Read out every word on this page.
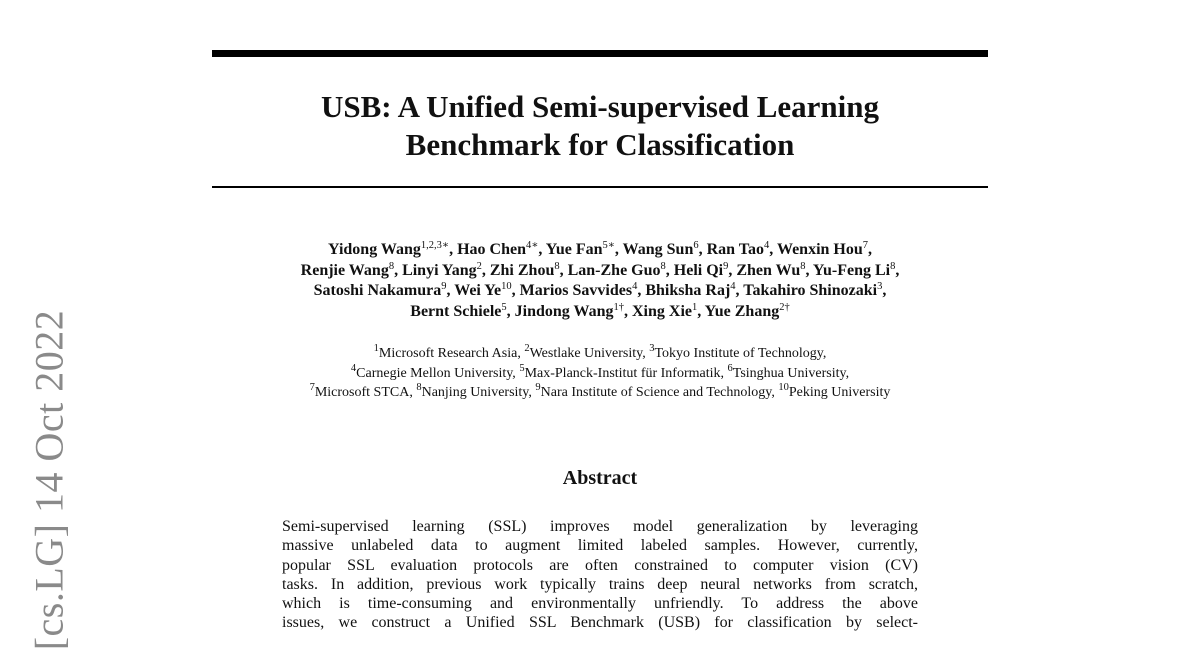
[cs.LG] 14 Oct 2022
USB: A Unified Semi-supervised Learning
Benchmark for Classification
Yidong Wang$^{1,2,3∗}$, Hao Chen$^{4∗}$, Yue Fan$^{5∗}$, Wang Sun$^6$, Ran Tao$^4$, Wenxin Hou$^7$,
Renjie Wang$^8$, Linyi Yang$^2$, Zhi Zhou$^8$, Lan-Zhe Guo$^8$, Heli Qi$^9$, Zhen Wu$^8$, Yu-Feng Li$^8$,
Satoshi Nakamura$^9$, Wei Ye$^{10}$, Marios Savvides$^4$, Bhiksha Raj$^4$, Takahiro Shinozaki$^3$,
Bernt Schiele$^5$, Jindong Wang$^{1\dagger}$, Xing Xie$^1$, Yue Zhang$^{2\dagger}$
$^1$Microsoft Research Asia, $^2$Westlake University, $^3$Tokyo Institute of Technology,
$^4$Carnegie Mellon University, $^5$Max-Planck-Institut für Informatik, $^6$Tsinghua University,
$^7$Microsoft STCA, $^8$Nanjing University, $^9$Nara Institute of Science and Technology, $^{10}$Peking University
Abstract
Semi-supervised learning (SSL) improves model generalization by leveraging
massive unlabeled data to augment limited labeled samples. However, currently,
popular SSL evaluation protocols are often constrained to computer vision (CV)
tasks. In addition, previous work typically trains deep neural networks from scratch,
which is time-consuming and environmentally unfriendly. To address the above
issues, we construct a Unified SSL Benchmark (USB) for classification by select-
